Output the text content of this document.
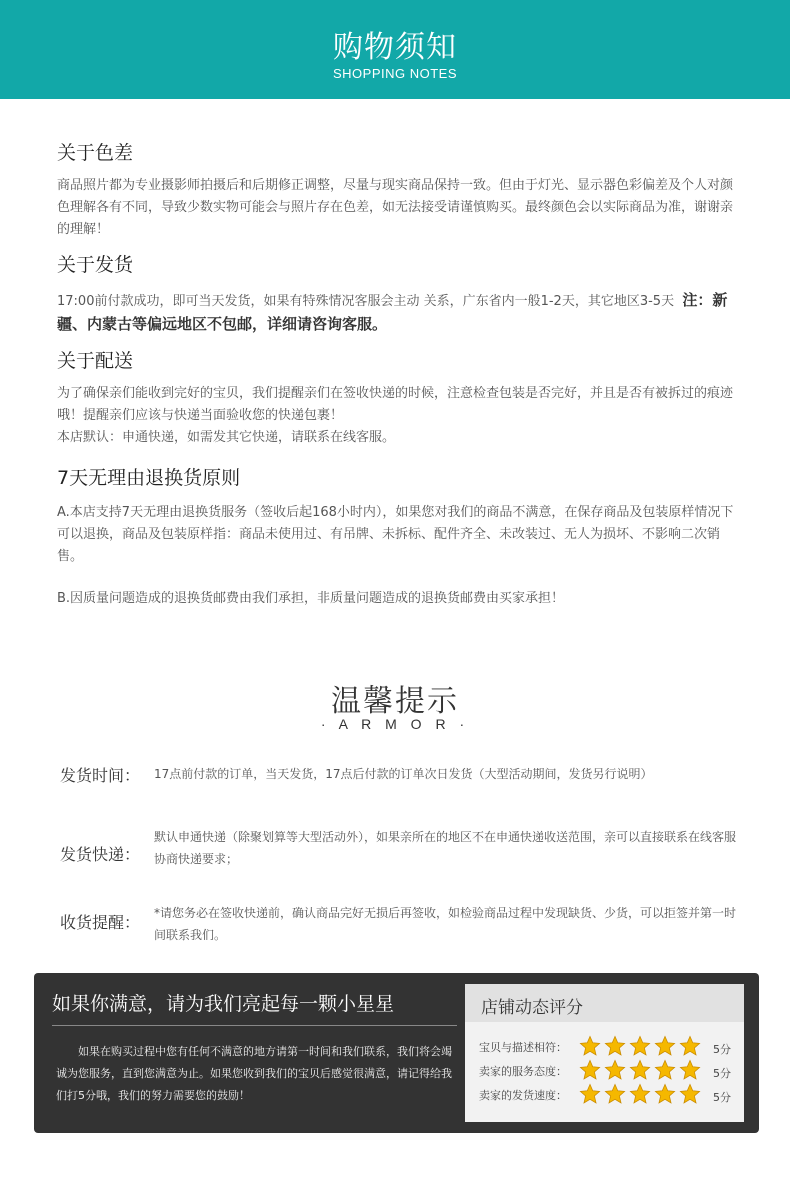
购物须知
SHOPPING NOTES
关于色差
商品照片都为专业摄影师拍摄后和后期修正调整，尽量与现实商品保持一致。但由于灯光、显示器色彩偏差及个人对颜色理解各有不同，导致少数实物可能会与照片存在色差，如无法接受请谨慎购买。最终颜色会以实际商品为准，谢谢亲的理解！
关于发货
17:00前付款成功，即可当天发货，如果有特殊情况客服会主动 关系，广东省内一般1-2天，其它地区3-5天 注：新疆、内蒙古等偏远地区不包邮，详细请咨询客服。
关于配送
为了确保亲们能收到完好的宝贝，我们提醒亲们在签收快递的时候，注意检查包装是否完好，并且是否有被拆过的痕迹哦！提醒亲们应该与快递当面验收您的快递包裹！
本店默认：申通快递，如需发其它快递，请联系在线客服。
7天无理由退换货原则
A.本店支持7天无理由退换货服务（签收后起168小时内），如果您对我们的商品不满意，在保存商品及包装原样情况下可以退换，商品及包装原样指：商品未使用过、有吊牌、未拆标、配件齐全、未改装过、无人为损坏、不影响二次销售。
B.因质量问题造成的退换货邮费由我们承担，非质量问题造成的退换货邮费由买家承担！
温馨提示
· A R M O R ·
发货时间： 17点前付款的订单，当天发货，17点后付款的订单次日发货（大型活动期间，发货另行说明）
发货快递：
默认申通快递（除聚划算等大型活动外），如果亲所在的地区不在申通快递收送范围，亲可以直接联系在线客服协商快递要求；
收货提醒： *请您务必在签收快递前，确认商品完好无损后再签收，如检验商品过程中发现缺货、少货，可以拒签并第一时间联系我们。
如果你满意，请为我们亮起每一颗小星星
如果在购买过程中您有任何不满意的地方请第一时间和我们联系，我们将会竭诚为您服务，直到您满意为止。如果您收到我们的宝贝后感觉很满意，请记得给我们打5分哦，我们的努力需要您的鼓励！
店铺动态评分
宝贝与描述相符：	5分
卖家的服务态度：	5分
卖家的发货速度：	5分
